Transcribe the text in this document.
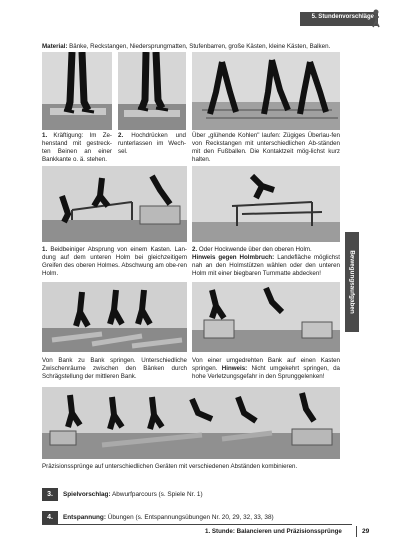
5. Stundenvorschläge

Material: Bänke, Reckstangen, Niedersprungmatten, Stufenbarren, große Kästen, kleine Kästen, Balken.

1. Kräftigung: Im Ze-henstand mit gestreck-ten Beinen an einer Bankkante o. ä. stehen.

2. Hochdrücken und runterlassen im Wech-sel.

Über „glühende Kohlen" laufen: Zügiges Überlau-fen von Reckstangen mit unterschiedlichen Ab-ständen mit den Fußballen. Die Kontaktzeit mög-lichst kurz halten.

1. Beidbeiniger Absprung von einem Kasten. Lan-dung auf dem unteren Holm bei gleichzeitigem Greifen des oberen Holmes. Abschwung am obe-ren Holm.

2. Oder Hockwende über den oberen Holm.
Hinweis gegen Holmbruch: Landefläche möglichst nah an den Holmstützen wählen oder den unteren Holm mit einer biegbaren Turnmatte abdecken!	Bewegungsaufgaben

Von Bank zu Bank springen. Unterschiedliche Zwischenräume zwischen den Bänken durch Schrägstellung der mittleren Bank.

Von einer umgedrehten Bank auf einen Kasten springen. Hinweis: Nicht umgekehrt springen, da hohe Verletzungsgefahr in den Sprunggelenken!

Präzisionssprünge auf unterschiedlichen Geräten mit verschiedenen Abständen kombinieren.

3.	Spielvorschlag: Abwurfparcours (s. Spiele Nr. 1)
4.	Entspannung: Übungen (s. Entspannungsübungen Nr. 20, 29, 32, 33, 38)
1. Stunde: Balancieren und Präzisionssprünge	29
